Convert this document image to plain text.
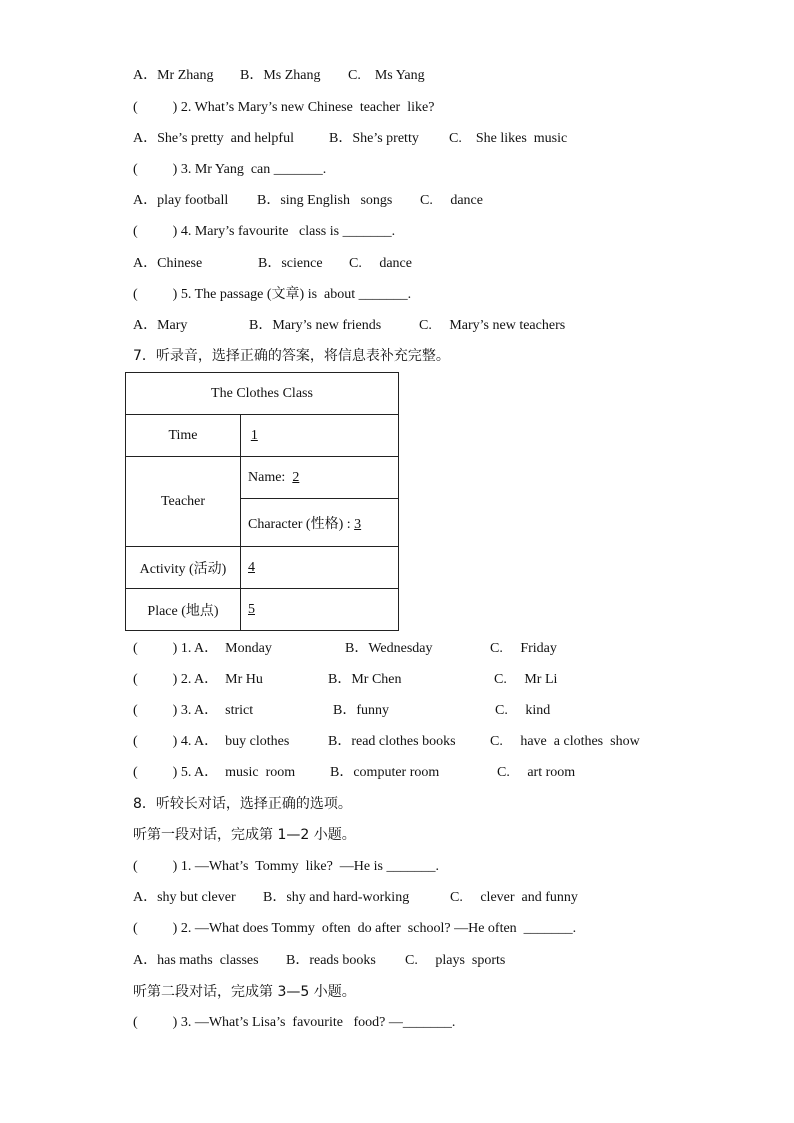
A．Mr Zhang

B．Ms Zhang

C.    Ms Yang

(          ) 2. What’s Mary’s new Chinese  teacher  like?

A．She’s pretty  and helpful

	B．She’s pretty

C.    She likes  music

(          ) 3. Mr Yang  can _______.

A．play football

B．sing English   songs

C.     dance

(          ) 4. Mary’s favourite   class is _______.

A．Chinese

	B．science

C.     dance

(          ) 5. The passage (文章) is  about _______.

A．Mary

	B．Mary’s new friends

	C.     Mary’s new teachers

7．听录音，选择正确的答案，将信息表补充完整。
The Clothes Class	
Time	 1 
Teacher	Name: 2
	Character (性格) : 3
Activity (活动)	4
Place (地点)	5

(          ) 1. A．  Monday

	B．Wednesday

	C.     Friday

(          ) 2. A．  Mr Hu

	B．Mr Chen

	C.     Mr Li

(          ) 3. A．  strict

	B．funny

	C.     kind

(          ) 4. A．  buy clothes

	B．read clothes books

C.     have  a clothes  show

(          ) 5. A．  music  room

B．computer room

	C.     art room

8．听较长对话，选择正确的选项。
听第一段对话，完成第 1—2 小题。
(          ) 1. —What’s  Tommy  like?  —He is _______.

A．shy but clever

B．shy and hard-working

	C.     clever  and funny

(          ) 2. —What does Tommy  often  do after  school? —He often  _______.

A．has maths  classes

B．reads books

C.     plays  sports

听第二段对话，完成第 3—5 小题。
(          ) 3. —What’s Lisa’s  favourite   food? —_______.
